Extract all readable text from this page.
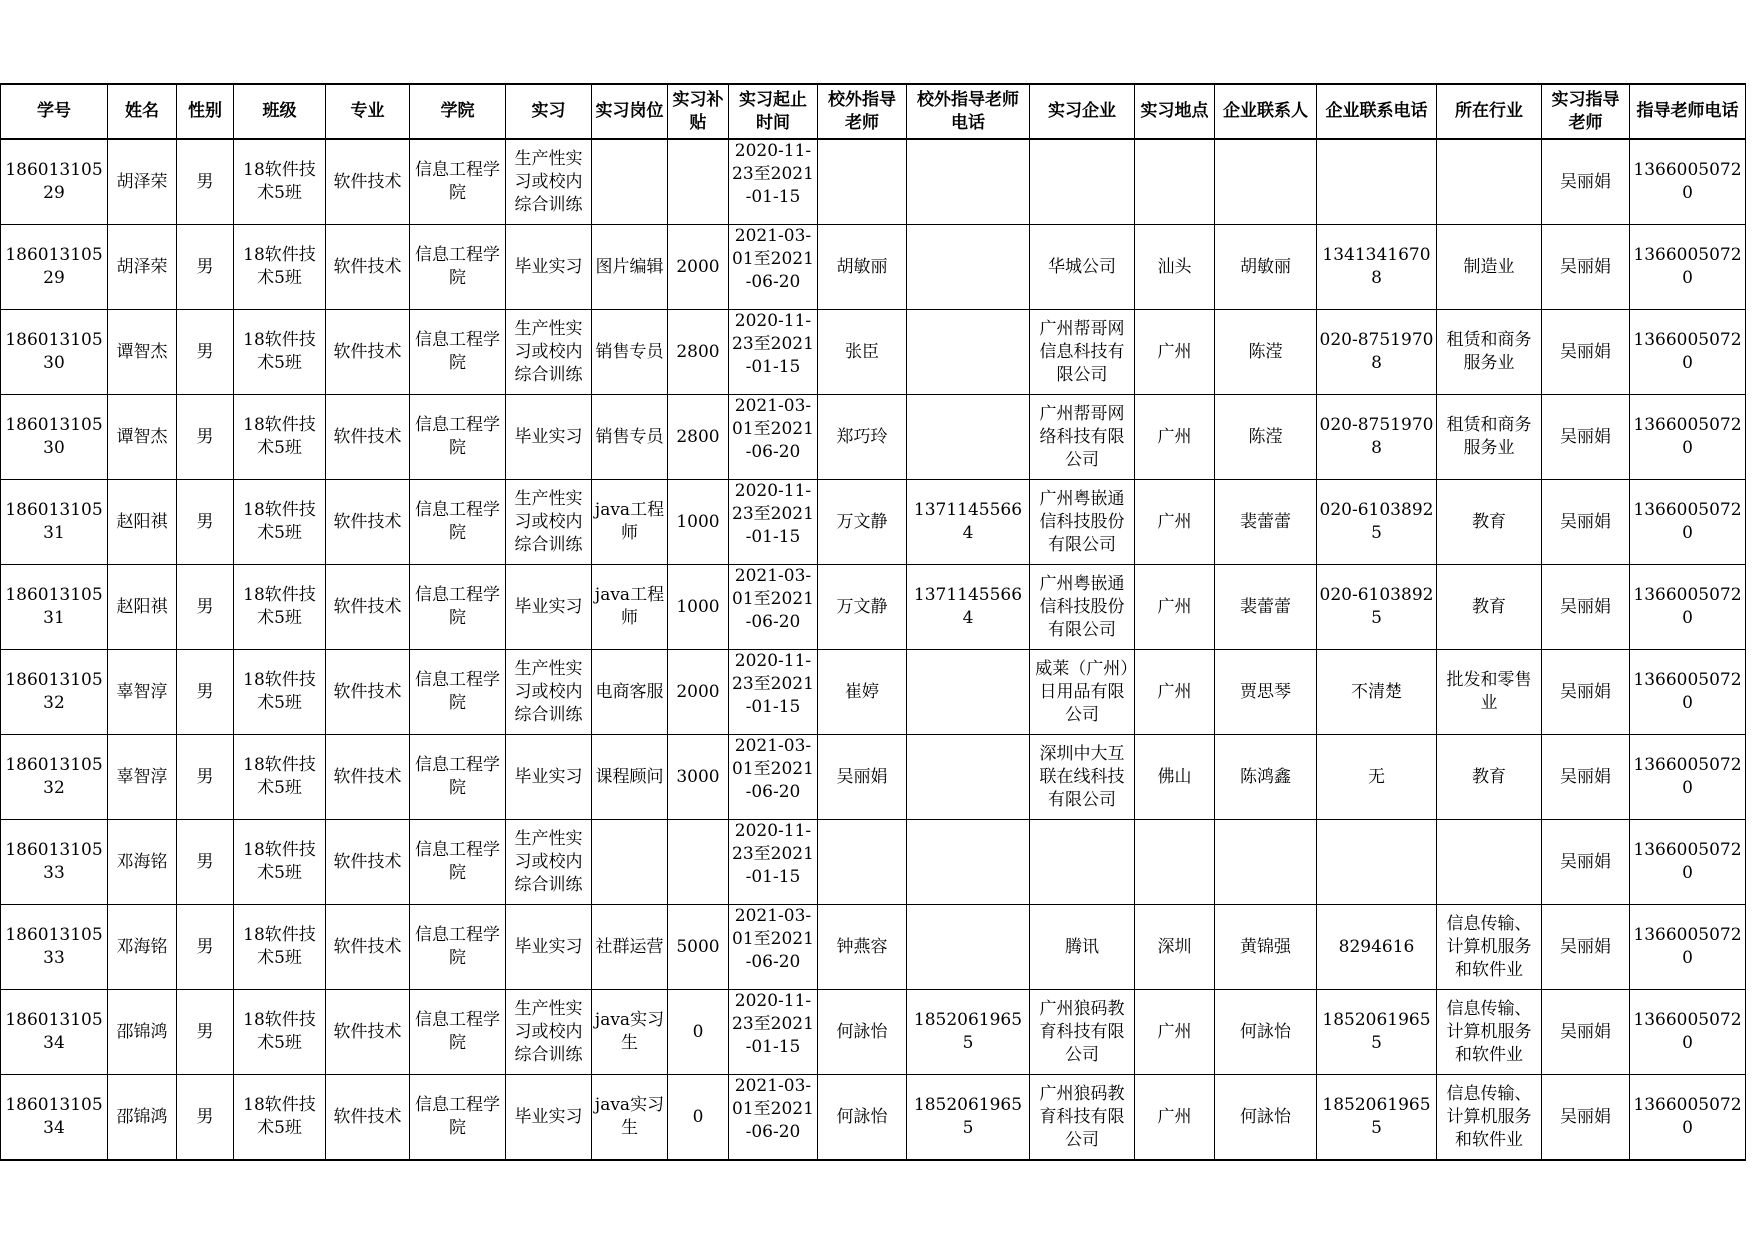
学号	姓名	性别	班级	专业	学院	实习	实习岗位	实习补贴	实习起止时间	校外指导老师	校外指导老师电话	实习企业	实习地点	企业联系人	企业联系电话	所在行业	实习指导老师	指导老师电话
18601310529	胡泽荣	男	18软件技术5班	软件技术	信息工程学院	生产性实习或校内综合训练			2020-11-23至2021-01-15								吴丽娟	13660050720
18601310529	胡泽荣	男	18软件技术5班	软件技术	信息工程学院	毕业实习	图片编辑	2000	2021-03-01至2021-06-20	胡敏丽		华城公司	汕头	胡敏丽	13413416708	制造业	吴丽娟	13660050720
18601310530	谭智杰	男	18软件技术5班	软件技术	信息工程学院	生产性实习或校内综合训练	销售专员	2800	2020-11-23至2021-01-15	张臣		广州帮哥网信息科技有限公司	广州	陈滢	020-87519708	租赁和商务服务业	吴丽娟	13660050720
18601310530	谭智杰	男	18软件技术5班	软件技术	信息工程学院	毕业实习	销售专员	2800	2021-03-01至2021-06-20	郑巧玲		广州帮哥网络科技有限公司	广州	陈滢	020-87519708	租赁和商务服务业	吴丽娟	13660050720
18601310531	赵阳祺	男	18软件技术5班	软件技术	信息工程学院	生产性实习或校内综合训练	java工程师	1000	2020-11-23至2021-01-15	万文静	13711455664	广州粤嵌通信科技股份有限公司	广州	裴蕾蕾	020-61038925	教育	吴丽娟	13660050720
18601310531	赵阳祺	男	18软件技术5班	软件技术	信息工程学院	毕业实习	java工程师	1000	2021-03-01至2021-06-20	万文静	13711455664	广州粤嵌通信科技股份有限公司	广州	裴蕾蕾	020-61038925	教育	吴丽娟	13660050720
18601310532	辜智淳	男	18软件技术5班	软件技术	信息工程学院	生产性实习或校内综合训练	电商客服	2000	2020-11-23至2021-01-15	崔婷		威莱（广州）日用品有限公司	广州	贾思琴	不清楚	批发和零售业	吴丽娟	13660050720
18601310532	辜智淳	男	18软件技术5班	软件技术	信息工程学院	毕业实习	课程顾问	3000	2021-03-01至2021-06-20	吴丽娟		深圳中大互联在线科技有限公司	佛山	陈鸿鑫	无	教育	吴丽娟	13660050720
18601310533	邓海铭	男	18软件技术5班	软件技术	信息工程学院	生产性实习或校内综合训练			2020-11-23至2021-01-15								吴丽娟	13660050720
18601310533	邓海铭	男	18软件技术5班	软件技术	信息工程学院	毕业实习	社群运营	5000	2021-03-01至2021-06-20	钟燕容		腾讯	深圳	黄锦强	8294616	信息传输、计算机服务和软件业	吴丽娟	13660050720
18601310534	邵锦鸿	男	18软件技术5班	软件技术	信息工程学院	生产性实习或校内综合训练	java实习生	0	2020-11-23至2021-01-15	何詠怡	18520619655	广州狼码教育科技有限公司	广州	何詠怡	18520619655	信息传输、计算机服务和软件业	吴丽娟	13660050720
18601310534	邵锦鸿	男	18软件技术5班	软件技术	信息工程学院	毕业实习	java实习生	0	2021-03-01至2021-06-20	何詠怡	18520619655	广州狼码教育科技有限公司	广州	何詠怡	18520619655	信息传输、计算机服务和软件业	吴丽娟	13660050720
